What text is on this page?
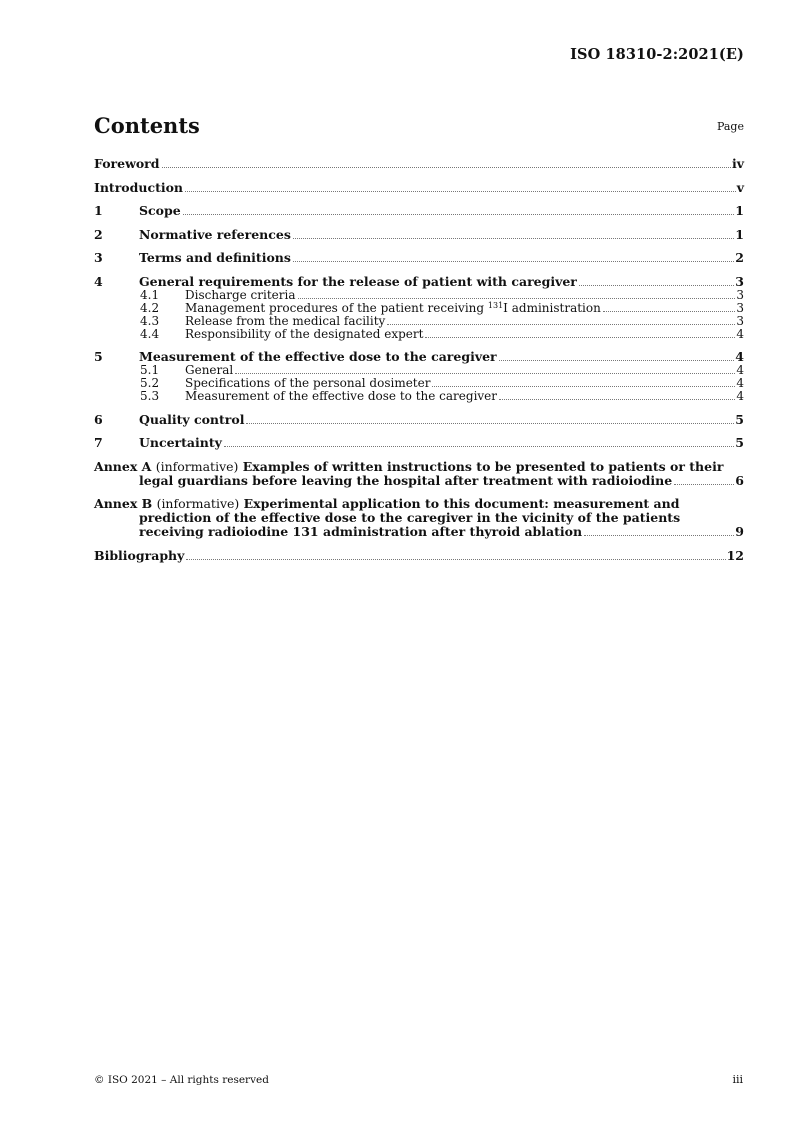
ISO 18310-2:2021(E)
Contents	Page
Foreword	iv
Introduction	v
1	Scope	1
2	Normative references	1
3	Terms and definitions	2
4	General requirements for the release of patient with caregiver	3
4.1	Discharge criteria	3
4.2	Management procedures of the patient receiving $^{131}$I administration	3
4.3	Release from the medical facility	3
4.4	Responsibility of the designated expert	4
5	Measurement of the effective dose to the caregiver	4
5.1	General	4
5.2	Specifications of the personal dosimeter	4
5.3	Measurement of the effective dose to the caregiver	4
6	Quality control	5
7	Uncertainty	5
Annex A (informative) Examples of written instructions to be presented to patients or their
legal guardians before leaving the hospital after treatment with radioiodine	6
Annex B (informative) Experimental application to this document: measurement and
prediction of the effective dose to the caregiver in the vicinity of the patients
receiving radioiodine 131 administration after thyroid ablation	9
Bibliography	12
© ISO 2021 – All rights reserved	iii
